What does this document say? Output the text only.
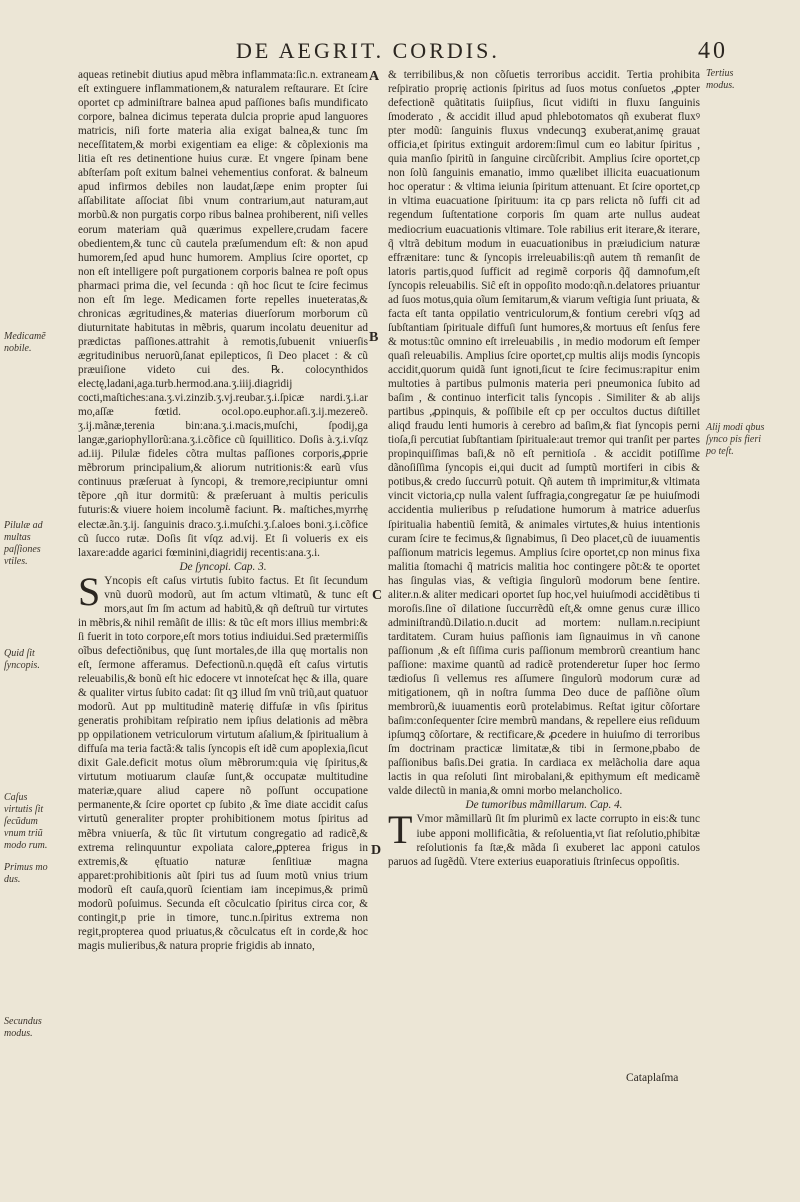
DE AEGRIT. CORDIS.	40
Medicamẽ nobile.
Pilulæ ad multas paſſiones vtiles.
Quid ſit ſyncopis.
Caſus virtutis ſit ſecũdum vnum triũ modo rum.
Primus mo dus.
Secundus modus.
Tertius modus.
Alij modi qbus ſynco pis fieri po teſt.
A
B
C
D

aqueas retinebit diutius apud mẽbra inflammata:ſic.n. extraneam eſt extinguere inflammationem,& naturalem reſtaurare. Et ſcire oportet cp adminiſtrare balnea apud paſſiones baſis mundificato corpore, balnea dicimus teperata dulcia proprie apud languores matricis, niſi forte materia alia exigat balnea,& tunc ſm neceſſitatem,& morbi exigentiam ea elige: & cõplexionis ma litia eſt res detinentione huius curæ. Et vngere ſpinam bene abſterſam poſt exitum balnei vehementius conforat. & balneum apud infirmos debiles non laudat,ſæpe enim propter ſui aſſabilitate aſſociat ſibi vnum contrarium,aut naturam,aut morbũ.& non purgatis corpo ribus balnea prohiberent, niſi velles eorum materiam quã quærimus expellere,crudam facere obedientem,& tunc cũ cautela præſumendum eſt: & non apud humorem,ſed apud hunc humorem. Amplius ſcire oportet, cp non eſt intelligere poſt purgationem corporis balnea re poſt opus pharmaci prima die, vel ſecunda : qñ hoc ſicut te ſcire fecimus non eſt ſm lege. Medicamen forte repelles inueteratas,& chronicas ægritudines,& materias diuerſorum morborum cũ diuturnitate habitutas in mẽbris, quarum incolatu deuenitur ad prædictas paſſiones.attrahit à remotis,ſubuenit vniuerſis ægritudinibus neruorũ,ſanat epilepticos, ſi Deo placet : & cũ præuiſione videto cui des. ℞. colocynthidos electę,ladani,aga.turb.hermod.ana.ʒ.iiij.diagridij cocti,maſtiches:ana.ʒ.vi.zinzib.ʒ.vj.reubar.ʒ.i.ſpicæ nardi.ʒ.i.ar mo,aſſæ fœtid. ocol.opo.euphor.aſi.ʒ.ij.mezereõ. ʒ.ij.mãnæ,terenia bin:ana.ʒ.i.macis,muſchi, ſpodij,ga langæ,gariophyllorũ:ana.ʒ.i.cõfice cũ ſquillitico. Doſis à.ʒ.i.vſqz ad.iij. Pilulæ fideles cõtra multas paſſiones corporis,ꝓprie mẽbrorum principalium,& aliorum nutritionis:& earũ vſus continuus præſeruat à ſyncopi, & tremore,recipiuntur omni tẽpore ,qñ itur dormitũ: & præſeruant à multis periculis futuris:& viuere hoiem incolumẽ faciunt. ℞. maſtiches,myrrhę electæ.ãn.ʒ.ij. ſanguinis draco.ʒ.i.muſchi.ʒ.ſ.aloes boni.ʒ.i.cõfice cũ ſucco rutæ. Doſis ſit vſqz ad.vij. Et ſi volueris ex eis laxare:adde agarici fœminini,diagridij recentis:ana.ʒ.i.

De ſyncopi. Cap. 3.

S Yncopis eſt caſus virtutis ſubito factus. Et ſit ſecundum vnũ duorũ modorũ, aut ſm actum vltimatũ, & tunc eſt mors,aut ſm ſm actum ad habitũ,& qñ deſtruũ tur virtutes in mẽbris,& nihil remãſit de illis: & tũc eſt mors illius membri:& ſi fuerit in toto corpore,eſt mors totius indiuidui.Sed prætermiſſis oĩbus defectiõnibus, quę ſunt mortales,de illa quę mortalis non eſt, ſermone afferamus. Defectionũ.n.quędã eſt caſus virtutis releuabilis,& bonũ eſt hic edocere vt innoteſcat hęc & illa, quare & qualiter virtus ſubito cadat: ſit qꝫ illud ſm vnũ triũ,aut quatuor modorũ. Aut pp multitudinẽ materię diffuſæ in vſis ſpiritus generatis prohibitam reſpiratio nem ipſius delationis ad mẽbra pp oppilationem vetriculorum virtutum aſalium,& ſpiritualium à diffuſa ma teria factã:& talis ſyncopis eſt idẽ cum apoplexia,ſicut dixit Gale.deficit motus oĩum mẽbrorum:quia vię ſpiritus,& virtutum motiuarum clauſæ ſunt,& occupatæ multitudine materiæ,quare aliud capere nõ poſſunt occupatione permanente,& ſcire oportet cp ſubito ,& ĩme diate accidit caſus virtutũ generaliter propter prohibitionem motus ſpiritus ad mẽbra vniuerſa, & tũc ſit virtutum congregatio ad radicẽ,& extrema relinquuntur expoliata calore,ꝓpterea frigus in extremis,& ęſtuatio naturæ ſenſitiuæ magna apparet:prohibitionis aũt ſpiri tus ad ſuum motũ vnius trium modorũ eſt cauſa,quorũ ſcientiam iam incepimus,& primũ modorũ poſuimus. Secunda eſt cõculcatio ſpiritus circa cor, & contingit,p prie in timore, tunc.n.ſpiritus extrema non regit,propterea quod priuatus,& cõculcatus eſt in corde,& hoc magis mulieribus,& natura proprie frigidis ab innato,

& terribilibus,& non cõſuetis terroribus accidit. Tertia prohibita reſpiratio proprię actionis ſpiritus ad ſuos motus conſuetos ,ꝓpter defectionẽ quãtitatis ſuiipſius, ſicut vidiſti in fluxu ſanguinis ſmoderato , & accidit illud apud phlebotomatos qñ exuberat fluxꝰ pter modũ: ſanguinis fluxus vndecunqꝫ exuberat,animę grauat officia,et ſpiritus extinguit ardorem:ſimul cum eo labitur ſpiritus , quia manſio ſpiritũ in ſanguine circũſcribit. Amplius ſcire oportet,cp non ſolũ ſanguinis emanatio, immo quælibet illicita euacuationum hoc operatur : & vltima ieiunia ſpiritum attenuant. Et ſcire oportet,cp in vltima euacuatione ſpirituum: ita cp pars relicta nõ ſuffi cit ad regendum ſuſtentatione corporis ſm quam arte nullus audeat mediocrium euacuationis vltimare. Tole rabilius erit iterare,& iterare, q̃ vltrã debitum modum in euacuationibus in præiudicium naturæ effrænitare: tunc & ſyncopis irreleuabilis:qñ autem tñ remanſit de latoris partis,quod ſufficit ad regimẽ corporis q̃q̃ damnofum,eſt ſyncopis releuabilis. Siĉ eſt in oppoſito modo:qñ.n.delatores priuantur ad ſuos motus,quia oĩum ſemitarum,& viarum veſtigia ſunt priuata, & facta eſt tanta oppilatio ventriculorum,& fontium cerebri vſqꝫ ad ſubſtantiam ſpirituale diffuſi ſunt humores,& mortuus eſt ſenſus fere & motus:tũc omnino eſt irreleuabilis , in medio modorum eſt ſemper quaſi releuabilis. Amplius ſcire oportet,cp multis alijs modis ſyncopis accidit,quorum quidã ſunt ignoti,ſicut te ſcire fecimus:rapitur enim multoties à partibus pulmonis materia peri pneumonica ſubito ad baſim , & continuo interficit talis ſyncopis . Similiter & ab alijs partibus ,ꝓpinquis, & poſſibile eſt cp per occultos ductus diſtillet aliqd fraudu lenti humoris à cerebro ad baſim,& fiat ſyncopis perni tioſa,ſi percutiat ſubſtantiam ſpirituale:aut tremor qui tranſit per partes propinquiſſimas baſi,& nõ eſt pernitioſa . & accidit potiſſime dãnoſiſſima ſyncopis ei,qui ducit ad ſumptũ mortiferi in cibis & potibus,& credo ſuccurrũ potuit. Qñ autem tñ imprimitur,& vltimata vincit victoria,cp nulla valent ſuffragia,congregatur ſæ pe huiuſmodi accidentia mulieribus p reſudatione humorum à matrice aduerſus ſpiritualia habentiũ ſemitã, & animales virtutes,& huius intentionis curam ſcire te fecimus,& ſignabimus, ſi Deo placet,cũ de iuuamentis paſſionum matricis legemus. Amplius ſcire oportet,cp non minus fixa malitia ſtomachi q̃ matricis malitia hoc contingere põt:& te oportet has ſingulas vias, & veſtigia ſingulorũ modorum bene ſentire. aliter.n.& aliter medicari oportet ſup hoc,vel huiuſmodi accidẽtibus ti moroſis.ſine oĩ dilatione ſuccurrẽdũ eſt,& omne genus curæ illico adminiſtrandũ.Dilatio.n.ducit ad mortem: nullam.n.recipiunt tarditatem. Curam huius paſſionis iam ſignauimus in vñ canone paſſionum ,& eſt ſiſſima curis paſſionum membrorũ creantium hanc paſſione: maxime quantũ ad radicẽ protenderetur ſuper hoc ſermo tædioſus ſi vellemus res aſſumere ſingulorũ modorum curæ ad mitigationem, qñ in noſtra ſumma Deo duce de paſſiõne oĩum membrorũ,& iuuamentis eorũ protelabimus. Reſtat igitur cõſortare baſim:conſequenter ſcire membrũ mandans, & repellere eius reſiduum ipſumqꝫ cõſortare, & rectificare,& ꝓcedere in huiuſmo di terroribus ſm doctrinam practicæ limitatæ,& tibi in ſermone,pbabo de paſſionibus baſis.Dei gratia. In cardiaca ex melãcholia dare aqua lactis in qua reſoluti ſint mirobalani,& epithymum eſt medicamẽ valde dilectũ in mania,& omni morbo melancholico.

De tumoribus mãmillarum. Cap. 4.

T Vmor mãmillarũ ſit ſm plurimũ ex lacte corrupto in eis:& tunc iube apponi mollificãtia, & reſoluentia,vt ſiat reſolutio,phibitæ reſolutionis fa ſtæ,& mãda ſi exuberet lac apponi catulos paruos ad ſugẽdũ. Vtere exterius euaporatiuis ſtrinſecus oppoſitis.

Cataplaſma
